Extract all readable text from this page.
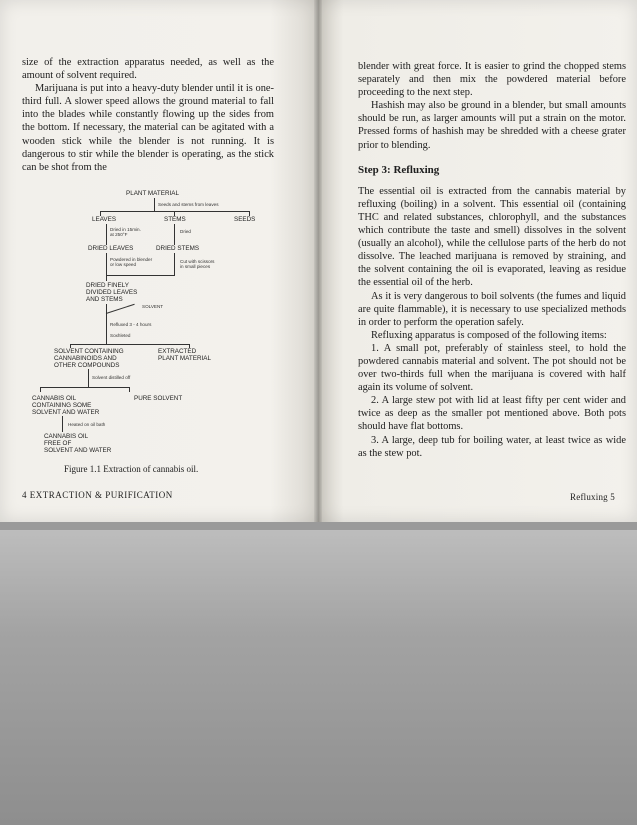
size of the extraction apparatus needed, as well as the amount of solvent required.

Marijuana is put into a heavy-duty blender until it is one-third full. A slower speed allows the ground material to fall into the blades while constantly flowing up the sides from the bottom. If necessary, the material can be agitated with a wooden stick while the blender is not running. It is dangerous to stir while the blender is operating, as the stick can be shot from the

PLANT MATERIAL
Seeds and stems from leaves
LEAVES	STEMS	SEEDS
Dried in 15min.
at 250°F
Dried
DRIED LEAVES	DRIED STEMS
Powdered in blender
or low speed
Cut with scissors
in small pieces
DRIED FINELY
DIVIDED LEAVES
AND STEMS
SOLVENT
Refluxed 3 - 4 hours
Soxhleted
SOLVENT CONTAINING
CANNABINOIDS AND
OTHER COMPOUNDS
EXTRACTED
PLANT MATERIAL
Solvent distilled off
CANNABIS OIL
CONTAINING SOME
SOLVENT AND WATER
PURE SOLVENT
Heated on oil bath
CANNABIS OIL
FREE OF
SOLVENT AND WATER
Figure 1.1 Extraction of cannabis oil.
4 EXTRACTION & PURIFICATION

blender with great force. It is easier to grind the chopped stems separately and then mix the powdered material before proceeding to the next step.

Hashish may also be ground in a blender, but small amounts should be run, as larger amounts will put a strain on the motor. Pressed forms of hashish may be shredded with a cheese grater prior to blending.

Step 3: Refluxing

The essential oil is extracted from the cannabis material by refluxing (boiling) in a solvent. This essential oil (containing THC and related substances, chlorophyll, and the substances which contribute the taste and smell) dissolves in the solvent (usually an alcohol), while the cellulose parts of the herb do not dissolve. The leached marijuana is removed by straining, and the solvent containing the oil is evaporated, leaving as residue the essential oil of the herb.

As it is very dangerous to boil solvents (the fumes and liquid are quite flammable), it is necessary to use specialized methods in order to perform the operation safely.

Refluxing apparatus is composed of the following items:

1. A small pot, preferably of stainless steel, to hold the powdered cannabis material and solvent. The pot should not be over two-thirds full when the marijuana is covered with half again its volume of solvent.

2. A large stew pot with lid at least fifty per cent wider and twice as deep as the smaller pot mentioned above. Both pots should have flat bottoms.

3. A large, deep tub for boiling water, at least twice as wide as the stew pot.

Refluxing 5
